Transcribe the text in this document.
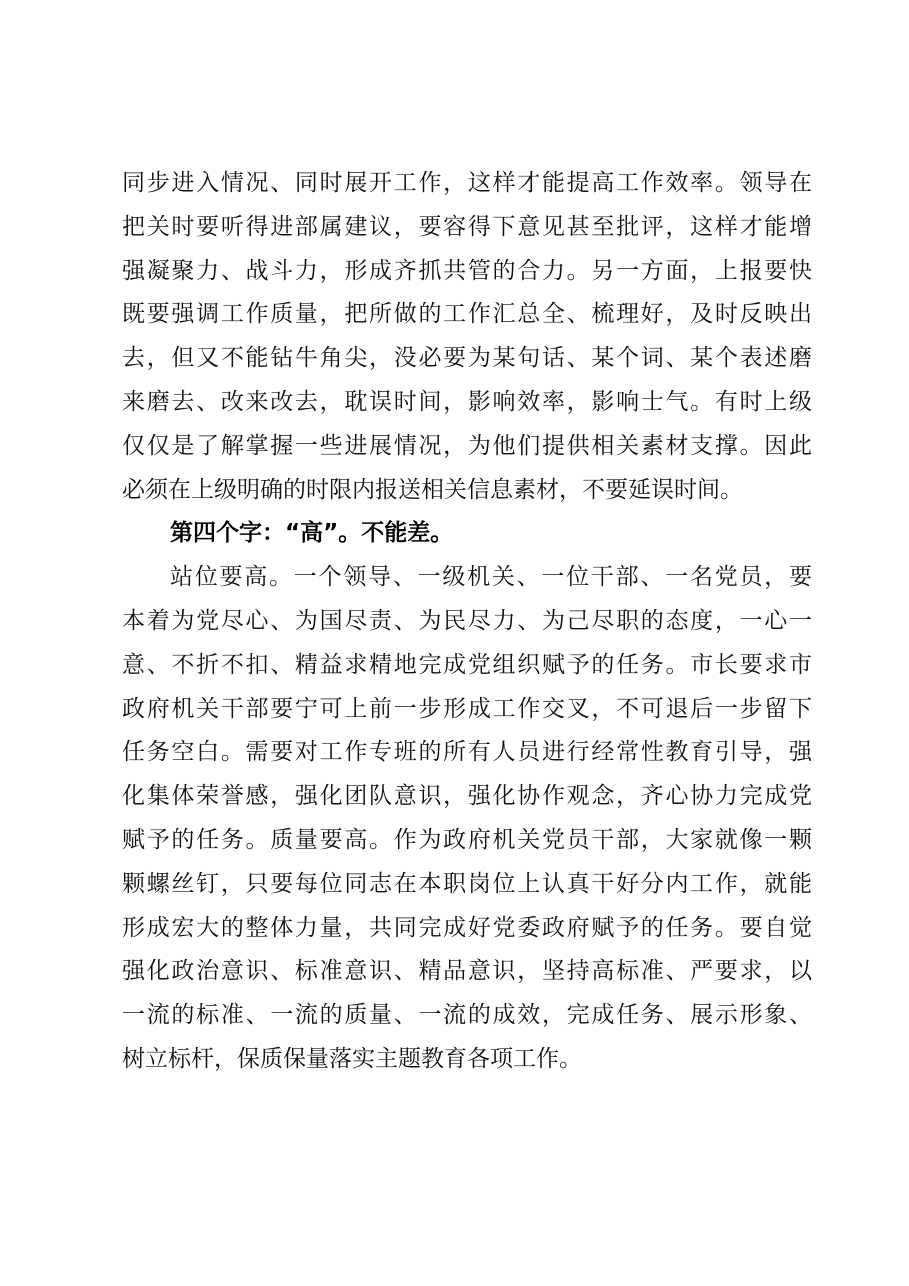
同步进入情况、同时展开工作，这样才能提高工作效率。领导在
把关时要听得进部属建议，要容得下意见甚至批评，这样才能增
强凝聚力、战斗力，形成齐抓共管的合力。另一方面，上报要快
既要强调工作质量，把所做的工作汇总全、梳理好，及时反映出
去，但又不能钻牛角尖，没必要为某句话、某个词、某个表述磨
来磨去、改来改去，耽误时间，影响效率，影响士气。有时上级
仅仅是了解掌握一些进展情况，为他们提供相关素材支撑。因此
必须在上级明确的时限内报送相关信息素材，不要延误时间。
第四个字：“高”。不能差。
站位要高。一个领导、一级机关、一位干部、一名党员，要
本着为党尽心、为国尽责、为民尽力、为己尽职的态度，一心一
意、不折不扣、精益求精地完成党组织赋予的任务。市长要求市
政府机关干部要宁可上前一步形成工作交叉，不可退后一步留下
任务空白。需要对工作专班的所有人员进行经常性教育引导，强
化集体荣誉感，强化团队意识，强化协作观念，齐心协力完成党
赋予的任务。质量要高。作为政府机关党员干部，大家就像一颗
颗螺丝钉，只要每位同志在本职岗位上认真干好分内工作，就能
形成宏大的整体力量，共同完成好党委政府赋予的任务。要自觉
强化政治意识、标准意识、精品意识，坚持高标准、严要求，以
一流的标准、一流的质量、一流的成效，完成任务、展示形象、
树立标杆，保质保量落实主题教育各项工作。
